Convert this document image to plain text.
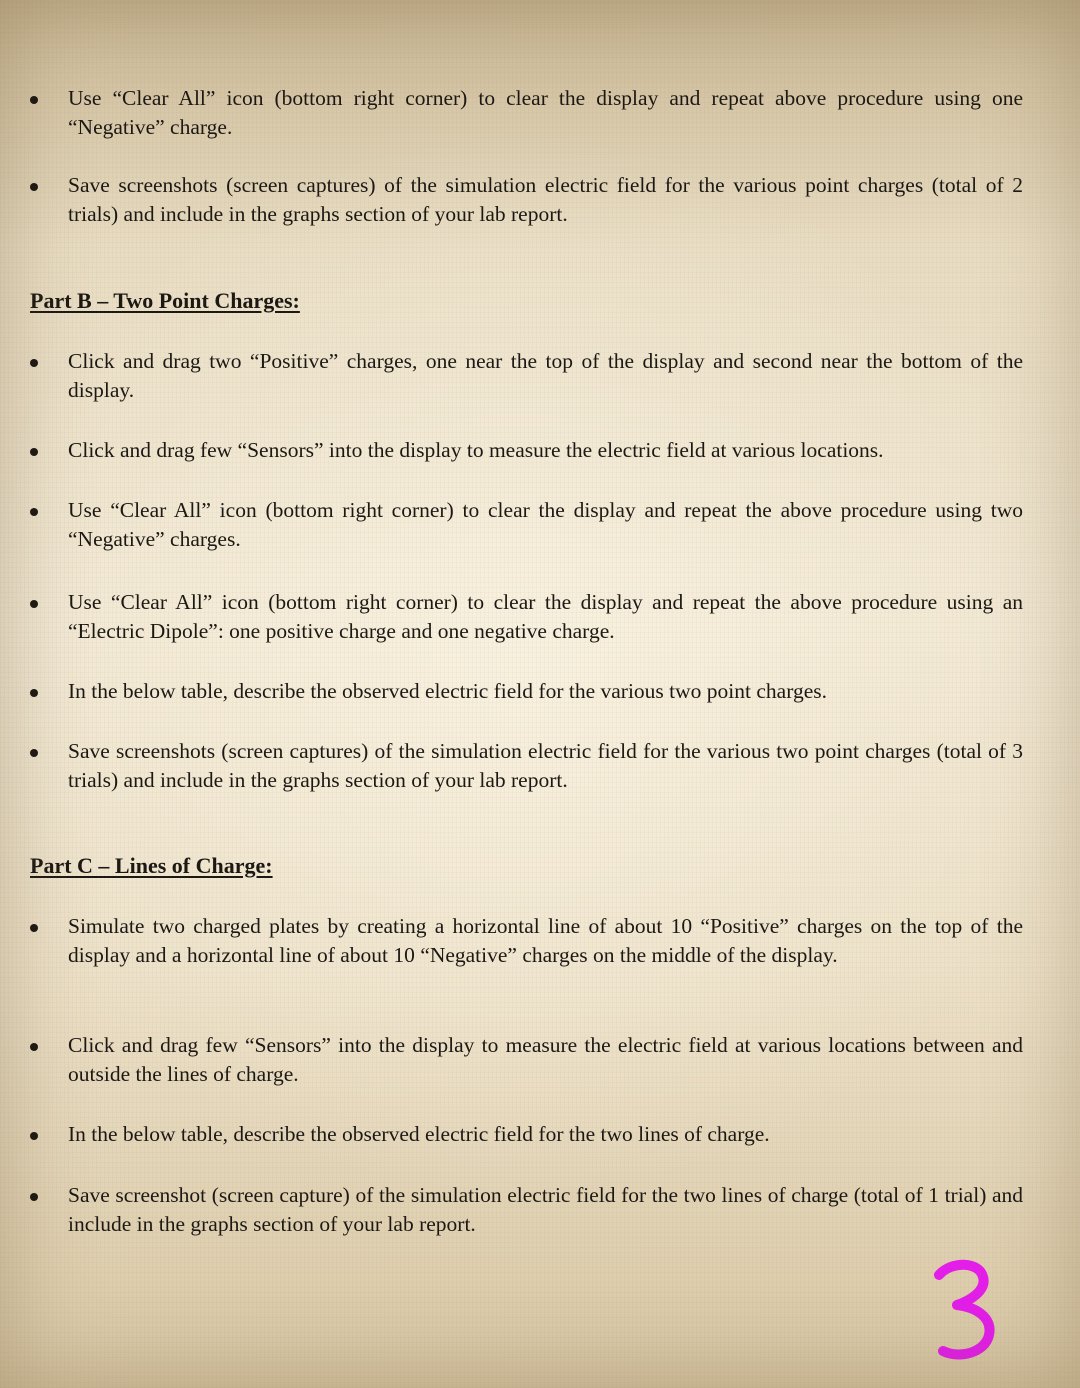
Use “Clear All” icon (bottom right corner) to clear the display and repeat above procedure using one “Negative” charge.
Save screenshots (screen captures) of the simulation electric field for the various point charges (total of 2 trials) and include in the graphs section of your lab report.
Part B – Two Point Charges:
Click and drag two “Positive” charges, one near the top of the display and second near the bottom of the display.
Click and drag few “Sensors” into the display to measure the electric field at various locations.
Use “Clear All” icon (bottom right corner) to clear the display and repeat the above procedure using two “Negative” charges.
Use “Clear All” icon (bottom right corner) to clear the display and repeat the above procedure using an “Electric Dipole”: one positive charge and one negative charge.
In the below table, describe the observed electric field for the various two point charges.
Save screenshots (screen captures) of the simulation electric field for the various two point charges (total of 3 trials) and include in the graphs section of your lab report.
Part C – Lines of Charge:
Simulate two charged plates by creating a horizontal line of about 10 “Positive” charges on the top of the display and a horizontal line of about 10 “Negative” charges on the middle of the display.
Click and drag few “Sensors” into the display to measure the electric field at various locations between and outside the lines of charge.
In the below table, describe the observed electric field for the two lines of charge.
Save screenshot (screen capture) of the simulation electric field for the two lines of charge (total of 1 trial) and include in the graphs section of your lab report.
